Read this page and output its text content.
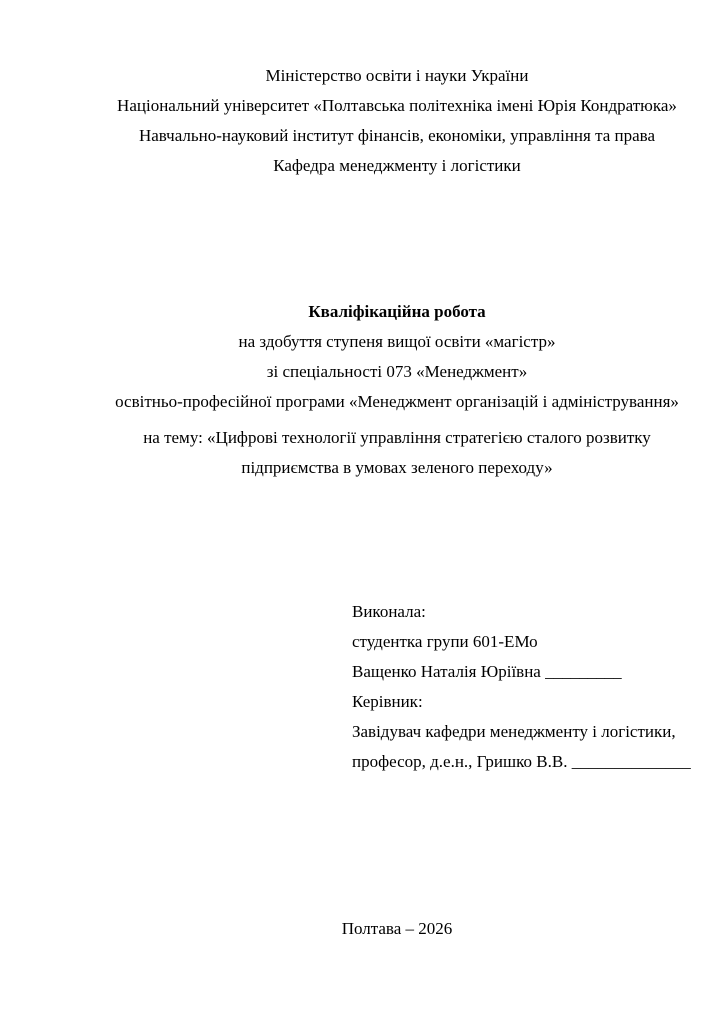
Міністерство освіти і науки України
Національний університет «Полтавська політехніка імені Юрія Кондратюка»
Навчально-науковий інститут фінансів, економіки, управління та права
Кафедра менеджменту і логістики
Кваліфікаційна робота
на здобуття ступеня вищої освіти «магістр»
зі спеціальності 073 «Менеджмент»
освітньо-професійної програми «Менеджмент організацій і адміністрування»
на тему: «Цифрові технології управління стратегією сталого розвитку
підприємства в умовах зеленого переходу»
Виконала:
студентка групи 601-ЕМо
Ващенко Наталія Юріївна _________
Керівник:
Завідувач кафедри менеджменту і логістики,
професор, д.е.н., Гришко В.В. ______________
Полтава – 2026
